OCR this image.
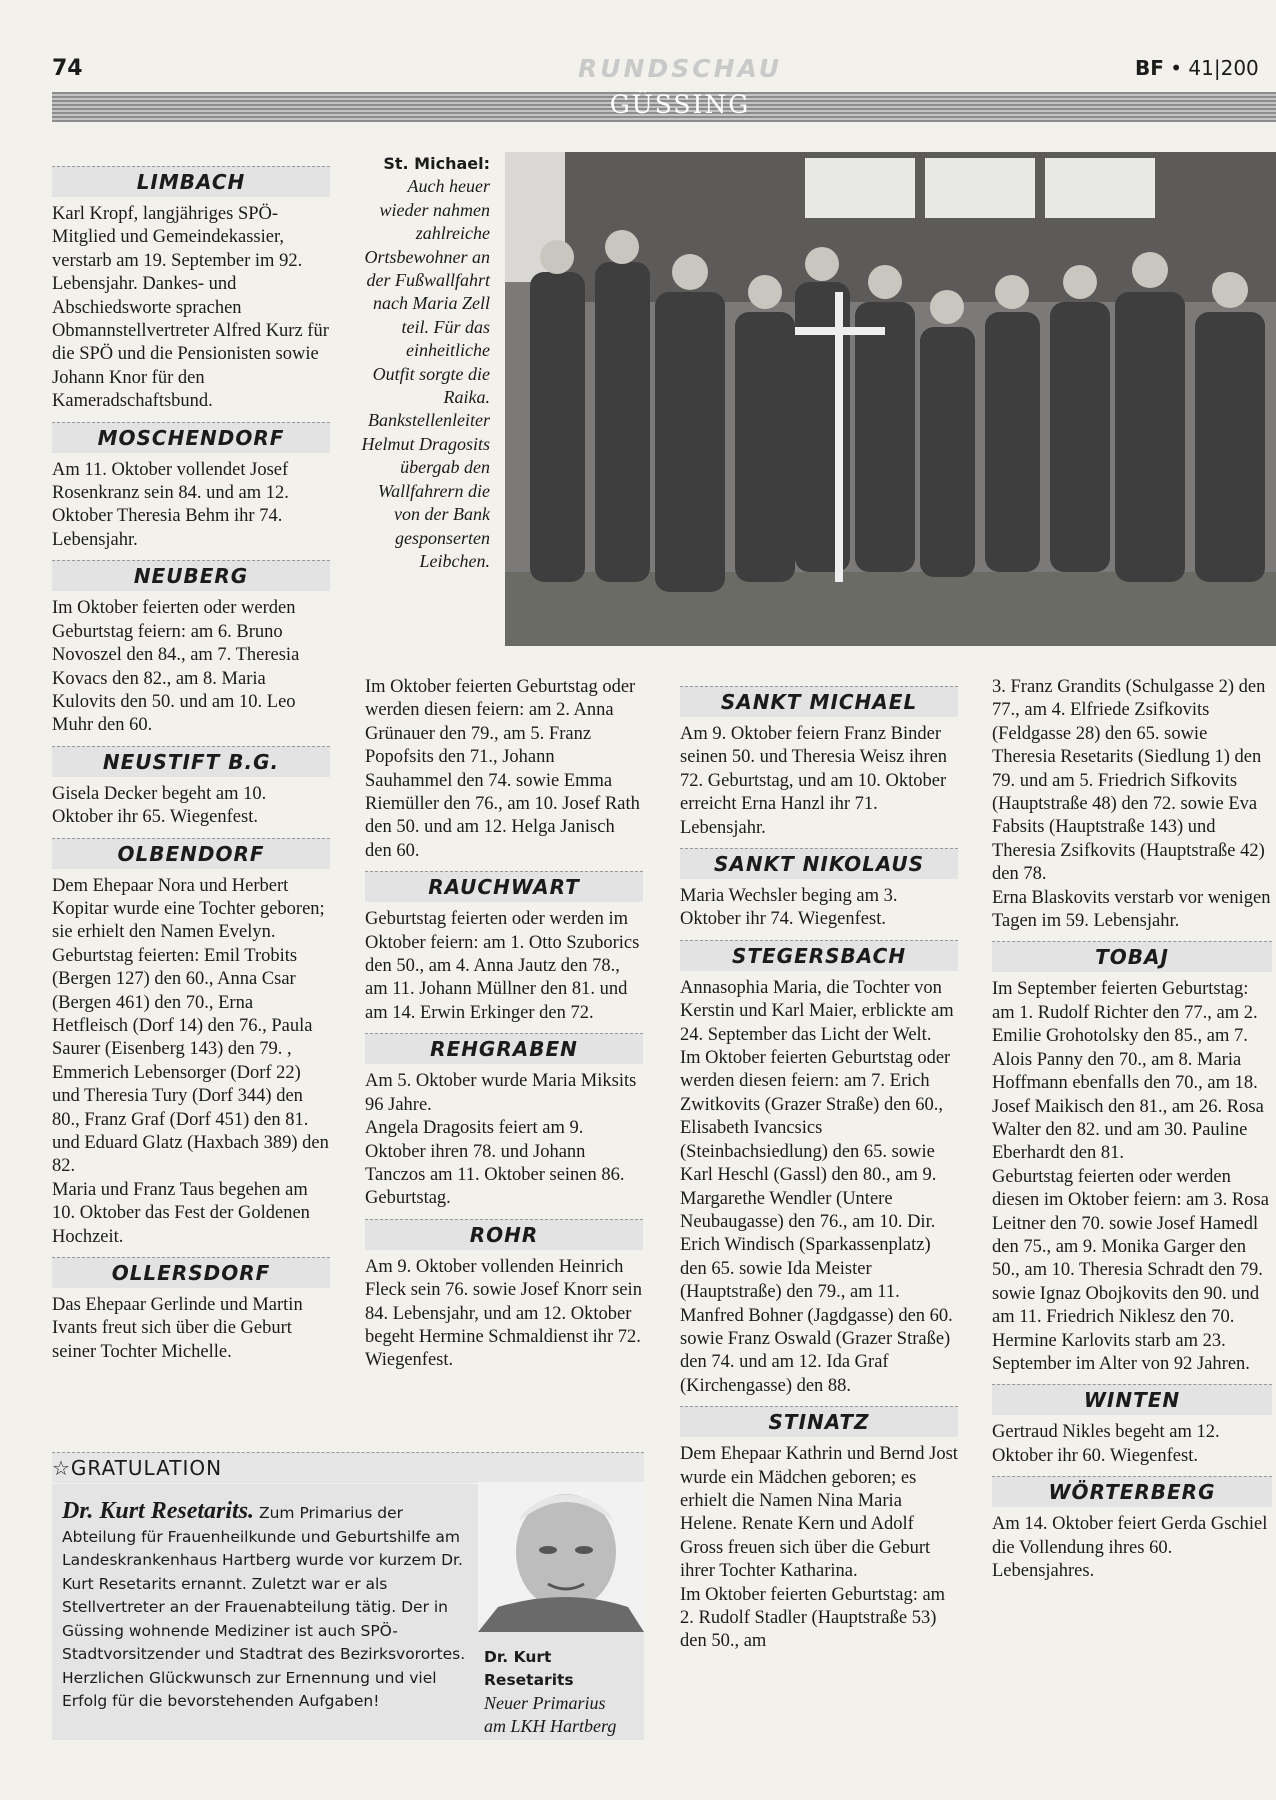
74	RUNDSCHAU	BF • 41|200
GÜSSING
LIMBACH

Karl Kropf, langjähriges SPÖ-Mitglied und Gemeindekassier, verstarb am 19. September im 92. Lebensjahr. Dankes- und Abschiedsworte sprachen Obmannstellvertreter Alfred Kurz für die SPÖ und die Pensionisten sowie Johann Knor für den Kameradschaftsbund.

MOSCHENDORF

Am 11. Oktober vollendet Josef Rosenkranz sein 84. und am 12. Oktober Theresia Behm ihr 74. Lebensjahr.

NEUBERG

Im Oktober feierten oder werden Geburtstag feiern: am 6. Bruno Novoszel den 84., am 7. Theresia Kovacs den 82., am 8. Maria Kulovits den 50. und am 10. Leo Muhr den 60.

NEUSTIFT B.G.

Gisela Decker begeht am 10. Oktober ihr 65. Wiegenfest.

OLBENDORF

Dem Ehepaar Nora und Herbert Kopitar wurde eine Tochter geboren; sie erhielt den Namen Evelyn.

Geburtstag feierten: Emil Trobits (Bergen 127) den 60., Anna Csar (Bergen 461) den 70., Erna Hetfleisch (Dorf 14) den 76., Paula Saurer (Eisenberg 143) den 79. , Emmerich Lebensorger (Dorf 22) und Theresia Tury (Dorf 344) den 80., Franz Graf (Dorf 451) den 81. und Eduard Glatz (Haxbach 389) den 82.

Maria und Franz Taus begehen am 10. Oktober das Fest der Goldenen Hochzeit.

OLLERSDORF

Das Ehepaar Gerlinde und Martin Ivants freut sich über die Geburt seiner Tochter Michelle.

St. Michael:
Auch heuer wieder nahmen zahlreiche Ortsbewohner an der Fußwallfahrt nach Maria Zell teil. Für das einheitliche Outfit sorgte die Raika. Bankstellenleiter Helmut Dragosits übergab den Wallfahrern die von der Bank gesponserten Leibchen.

Im Oktober feierten Geburtstag oder werden diesen feiern: am 2. Anna Grünauer den 79., am 5. Franz Popofsits den 71., Johann Sauhammel den 74. sowie Emma Riemüller den 76., am 10. Josef Rath den 50. und am 12. Helga Janisch den 60.

RAUCHWART

Geburtstag feierten oder werden im Oktober feiern: am 1. Otto Szuborics den 50., am 4. Anna Jautz den 78., am 11. Johann Müllner den 81. und am 14. Erwin Erkinger den 72.

REHGRABEN

Am 5. Oktober wurde Maria Miksits 96 Jahre.

Angela Dragosits feiert am 9. Oktober ihren 78. und Johann Tanczos am 11. Oktober seinen 86. Geburtstag.

ROHR

Am 9. Oktober vollenden Heinrich Fleck sein 76. sowie Josef Knorr sein 84. Lebensjahr, und am 12. Oktober begeht Hermine Schmaldienst ihr 72. Wiegenfest.

SANKT MICHAEL

Am 9. Oktober feiern Franz Binder seinen 50. und Theresia Weisz ihren 72. Geburtstag, und am 10. Oktober erreicht Erna Hanzl ihr 71. Lebensjahr.

SANKT NIKOLAUS

Maria Wechsler beging am 3. Oktober ihr 74. Wiegenfest.

STEGERSBACH

Annasophia Maria, die Tochter von Kerstin und Karl Maier, erblickte am 24. September das Licht der Welt.

Im Oktober feierten Geburtstag oder werden diesen feiern: am 7. Erich Zwitkovits (Grazer Straße) den 60., Elisabeth Ivancsics (Steinbachsiedlung) den 65. sowie Karl Heschl (Gassl) den 80., am 9. Margarethe Wendler (Untere Neubaugasse) den 76., am 10. Dir. Erich Windisch (Sparkassenplatz) den 65. sowie Ida Meister (Hauptstraße) den 79., am 11. Manfred Bohner (Jagdgasse) den 60. sowie Franz Oswald (Grazer Straße) den 74. und am 12. Ida Graf (Kirchengasse) den 88.

STINATZ

Dem Ehepaar Kathrin und Bernd Jost wurde ein Mädchen geboren; es erhielt die Namen Nina Maria Helene. Renate Kern und Adolf Gross freuen sich über die Geburt ihrer Tochter Katharina.

Im Oktober feierten Geburtstag: am 2. Rudolf Stadler (Hauptstraße 53) den 50., am

3. Franz Grandits (Schulgasse 2) den 77., am 4. Elfriede Zsifkovits (Feldgasse 28) den 65. sowie Theresia Resetarits (Siedlung 1) den 79. und am 5. Friedrich Sifkovits (Hauptstraße 48) den 72. sowie Eva Fabsits (Hauptstraße 143) und Theresia Zsifkovits (Hauptstraße 42) den 78.

Erna Blaskovits verstarb vor wenigen Tagen im 59. Lebensjahr.

TOBAJ

Im September feierten Geburtstag: am 1. Rudolf Richter den 77., am 2. Emilie Grohotolsky den 85., am 7. Alois Panny den 70., am 8. Maria Hoffmann ebenfalls den 70., am 18. Josef Maikisch den 81., am 26. Rosa Walter den 82. und am 30. Pauline Eberhardt den 81.

Geburtstag feierten oder werden diesen im Oktober feiern: am 3. Rosa Leitner den 70. sowie Josef Hamedl den 75., am 9. Monika Garger den 50., am 10. Theresia Schradt den 79. sowie Ignaz Obojkovits den 90. und am 11. Friedrich Niklesz den 70.

Hermine Karlovits starb am 23. September im Alter von 92 Jahren.

WINTEN

Gertraud Nikles begeht am 12. Oktober ihr 60. Wiegenfest.

WÖRTERBERG

Am 14. Oktober feiert Gerda Gschiel die Vollendung ihres 60. Lebensjahres.

☆GRATULATION
Dr. Kurt Resetarits. Zum Primarius der Abteilung für Frauenheilkunde und Geburtshilfe am Landeskrankenhaus Hartberg wurde vor kurzem Dr. Kurt Resetarits ernannt. Zuletzt war er als Stellvertreter an der Frauenabteilung tätig. Der in Güssing wohnende Mediziner ist auch SPÖ-Stadtvorsitzender und Stadtrat des Bezirksvorortes. Herzlichen Glückwunsch zur Ernennung und viel Erfolg für die bevorstehenden Aufgaben!
Dr. Kurt Resetarits
Neuer Primarius
am LKH Hartberg
